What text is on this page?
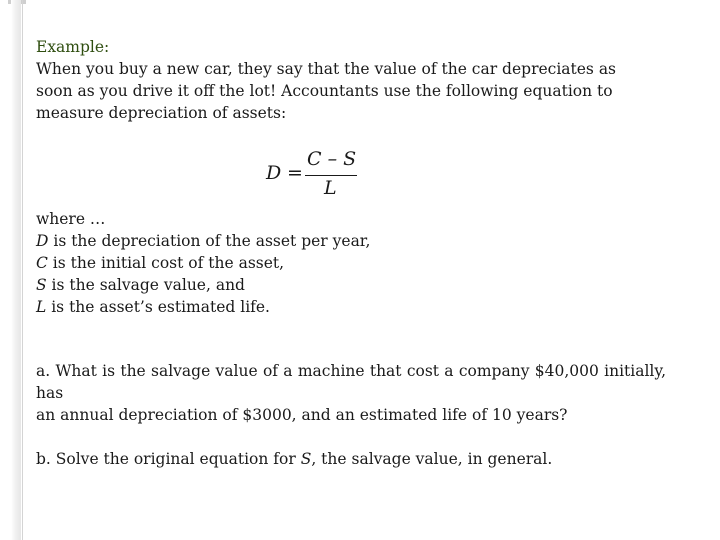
Example:
When you buy a new car, they say that the value of the car depreciates as
soon as you drive it off the lot! Accountants use the following equation to
measure depreciation of assets:
D =
C – S
L
where …
D is the depreciation of the asset per year,
C is the initial cost of the asset,
S is the salvage value, and
L is the asset’s estimated life.
a. What is the salvage value of a machine that cost a company $40,000 initially, has
an annual depreciation of $3000, and an estimated life of 10 years?
b. Solve the original equation for S, the salvage value, in general.
